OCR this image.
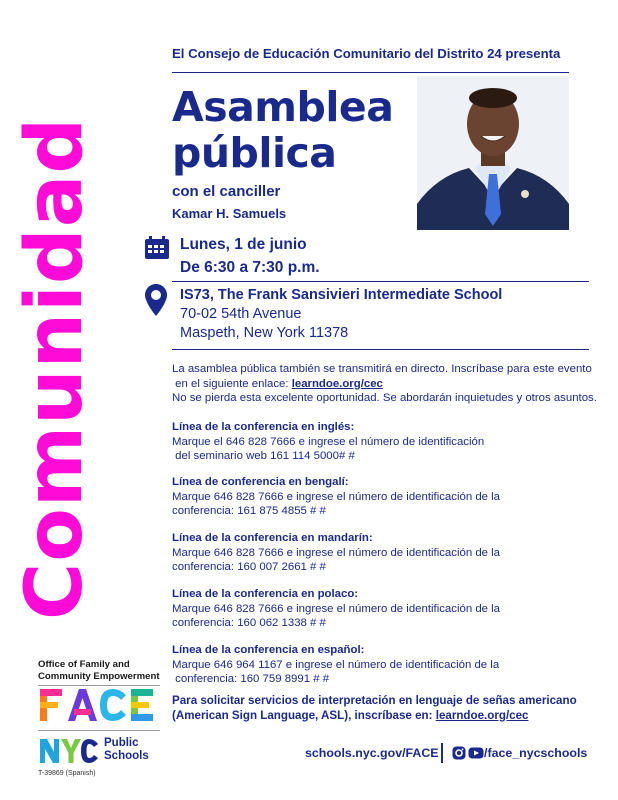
Comunidad
El Consejo de Educación Comunitario del Distrito 24 presenta
Asamblea
pública
con el canciller
Kamar H. Samuels
Lunes, 1 de junio
De 6:30 a 7:30 p.m.
IS73, The Frank Sansivieri Intermediate School
70-02 54th Avenue
Maspeth, New York 11378
La asamblea pública también se transmitirá en directo. Inscríbase para este evento
en el siguiente enlace: learndoe.org/cec
No se pierda esta excelente oportunidad. Se abordarán inquietudes y otros asuntos.
Línea de la conferencia en inglés:
Marque el 646 828 7666 e ingrese el número de identificación
del seminario web 161 114 5000# #
Línea de conferencia en bengalí:
Marque 646 828 7666 e ingrese el número de identificación de la
conferencia: 161 875 4855 # #
Línea de la conferencia en mandarín:
Marque 646 828 7666 e ingrese el número de identificación de la
conferencia: 160 007 2661 # #
Línea de la conferencia en polaco:
Marque 646 828 7666 e ingrese el número de identificación de la
conferencia: 160 062 1338 # #
Línea de la conferencia en español:
Marque 646 964 1167 e ingrese el número de identificación de la
conferencia: 160 759 8991 # #
Para solicitar servicios de interpretación en lenguaje de señas americano
(American Sign Language, ASL), inscríbase en: learndoe.org/cec
Office of Family and
Community Empowerment
Public
Schools
T-39869 (Spanish)
schools.nyc.gov/FACE	/face_nycschools
